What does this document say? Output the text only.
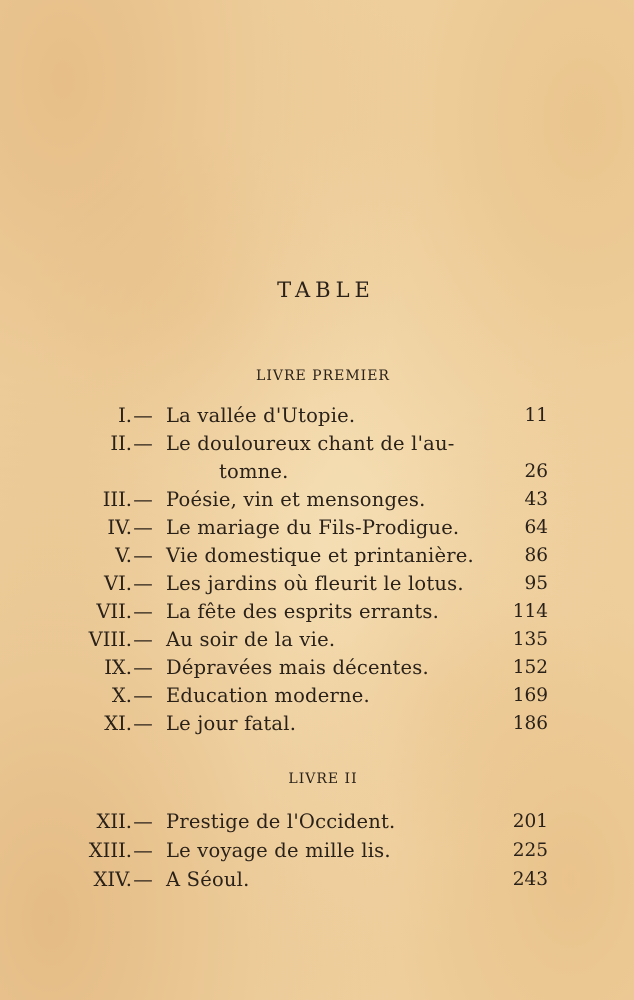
TABLE
LIVRE PREMIER
I. — La vallée d'Utopie.	11
II. — Le douloureux chant de l'au-
tomne.	26
III. — Poésie, vin et mensonges.	43
IV. — Le mariage du Fils-Prodigue.	64
V. — Vie domestique et printanière.	86
VI. — Les jardins où fleurit le lotus.	95
VII. — La fête des esprits errants.	114
VIII. — Au soir de la vie.	135
IX. — Dépravées mais décentes.	152
X. — Education moderne.	169
XI. — Le jour fatal.	186
LIVRE II
XII. — Prestige de l'Occident.	201
XIII. — Le voyage de mille lis.	225
XIV. — A Séoul.	243
